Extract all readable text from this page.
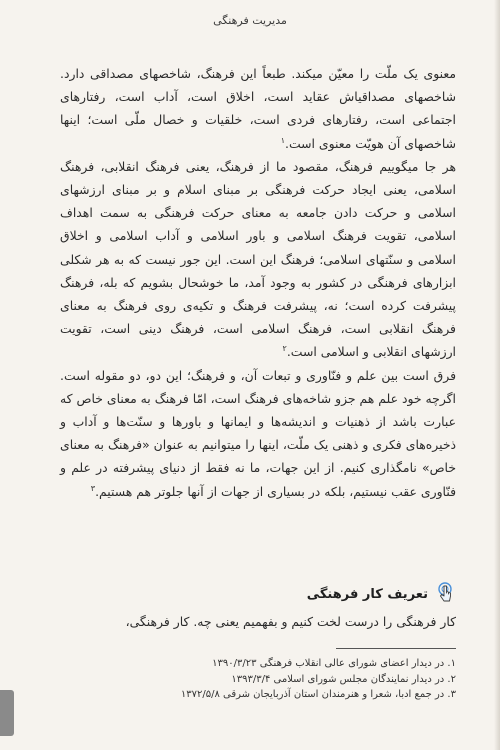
مدیریت فرهنگی

معنوی یک ملّت را معیّن میکند. طبعاً این فرهنگ، شاخصهای مصداقی دارد. شاخصهای مصداقیاش عقاید است، اخلاق است، آداب است، رفتارهای اجتماعی است، رفتارهای فردی است، خلقیات و خصال ملّی است؛ اینها شاخصهای آن هویّت معنوی است.$^۱$

هر جا میگوییم فرهنگ، مقصود ما از فرهنگ، یعنی فرهنگ انقلابی، فرهنگ اسلامی، یعنی ایجاد حرکت فرهنگی بر مبنای اسلام و بر مبنای ارزشهای اسلامی و حرکت دادن جامعه به معنای حرکت فرهنگی به سمت اهداف اسلامی، تقویت فرهنگ اسلامی و باور اسلامی و آداب اسلامی و اخلاق اسلامی و سنّتهای اسلامی؛ فرهنگ این است. این جور نیست که به هر شکلی ابزارهای فرهنگی در کشور به وجود آمد، ما خوشحال بشویم که بله، فرهنگ پیشرفت کرده‌ است؛ نه، پیشرفت فرهنگ و تکیه‌ی روی فرهنگ به معنای فرهنگ انقلابی است، فرهنگ اسلامی است، فرهنگ دینی است، تقویت ارزشهای انقلابی و اسلامی است.$^۲$

فرق است بین علم و فنّاوری و تبعات آن، و فرهنگ؛ این دو، دو مقوله است. اگرچه خود علم هم جزو شاخه‌های فرهنگ است، امّا فرهنگ به معنای خاص که عبارت باشد از ذهنیات و اندیشه‌ها و ایمانها و باورها و سنّت‌ها و آداب و ذخیره‌های فکری و ذهنی یک ملّت، اینها را میتوانیم به عنوان «فرهنگ به معنای خاص» نامگذاری کنیم. از این جهات، ما نه فقط از دنیای پیشرفته در علم و فنّاوری عقب نیستیم، بلکه در بسیاری از جهات از آنها جلوتر هم هستیم.$^۳$

تعریف کار فرهنگی
کار فرهنگی را درست لخت کنیم و بفهمیم یعنی چه. کار فرهنگی،
۱. در دیدار اعضای شورای عالی انقلاب فرهنگی ۱۳۹۰/۳/۲۳
۲. در دیدار نمایندگان مجلس شورای اسلامی ۱۳۹۳/۳/۴
۳. در جمع ادبا، شعرا و هنرمندان استان آذربایجان شرقی ۱۳۷۲/۵/۸
